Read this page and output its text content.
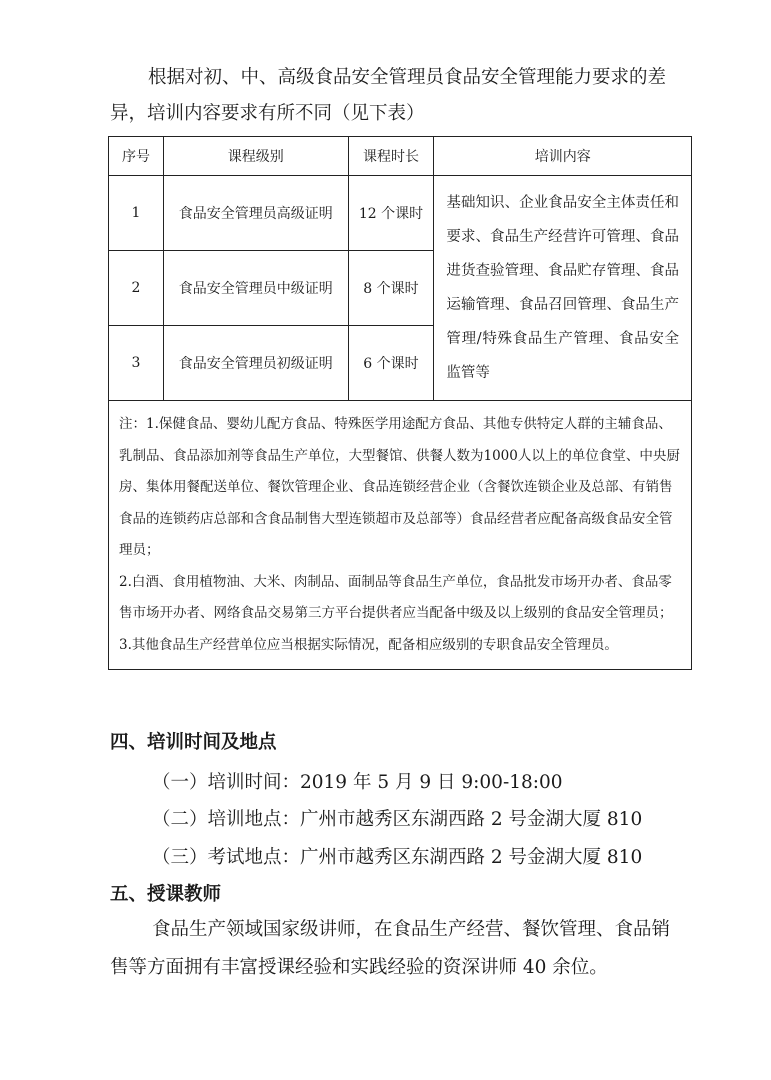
根据对初、中、高级食品安全管理员食品安全管理能力要求的差
异，培训内容要求有所不同（见下表）
序号	课程级别	课程时长	培训内容
1	食品安全管理员高级证明	12 个课时	基础知识、企业食品安全主体责任和要求、食品生产经营许可管理、食品进货查验管理、食品贮存管理、食品运输管理、食品召回管理、食品生产管理/特殊食品生产管理、食品安全监管等
2	食品安全管理员中级证明	8 个课时	
3	食品安全管理员初级证明	6 个课时	

注：1.保健食品、婴幼儿配方食品、特殊医学用途配方食品、其他专供特定人群的主辅食品、乳制品、食品添加剂等食品生产单位，大型餐馆、供餐人数为1000人以上的单位食堂、中央厨房、集体用餐配送单位、餐饮管理企业、食品连锁经营企业（含餐饮连锁企业及总部、有销售食品的连锁药店总部和含食品制售大型连锁超市及总部等）食品经营者应配备高级食品安全管理员；
2.白酒、食用植物油、大米、肉制品、面制品等食品生产单位，食品批发市场开办者、食品零售市场开办者、网络食品交易第三方平台提供者应当配备中级及以上级别的食品安全管理员；
3.其他食品生产经营单位应当根据实际情况，配备相应级别的专职食品安全管理员。			
四、培训时间及地点
（一）培训时间：2019 年 5 月 9 日 9:00-18:00
（二）培训地点：广州市越秀区东湖西路 2 号金湖大厦 810
（三）考试地点：广州市越秀区东湖西路 2 号金湖大厦 810
五、授课教师
食品生产领域国家级讲师，在食品生产经营、餐饮管理、食品销
售等方面拥有丰富授课经验和实践经验的资深讲师 40 余位。
